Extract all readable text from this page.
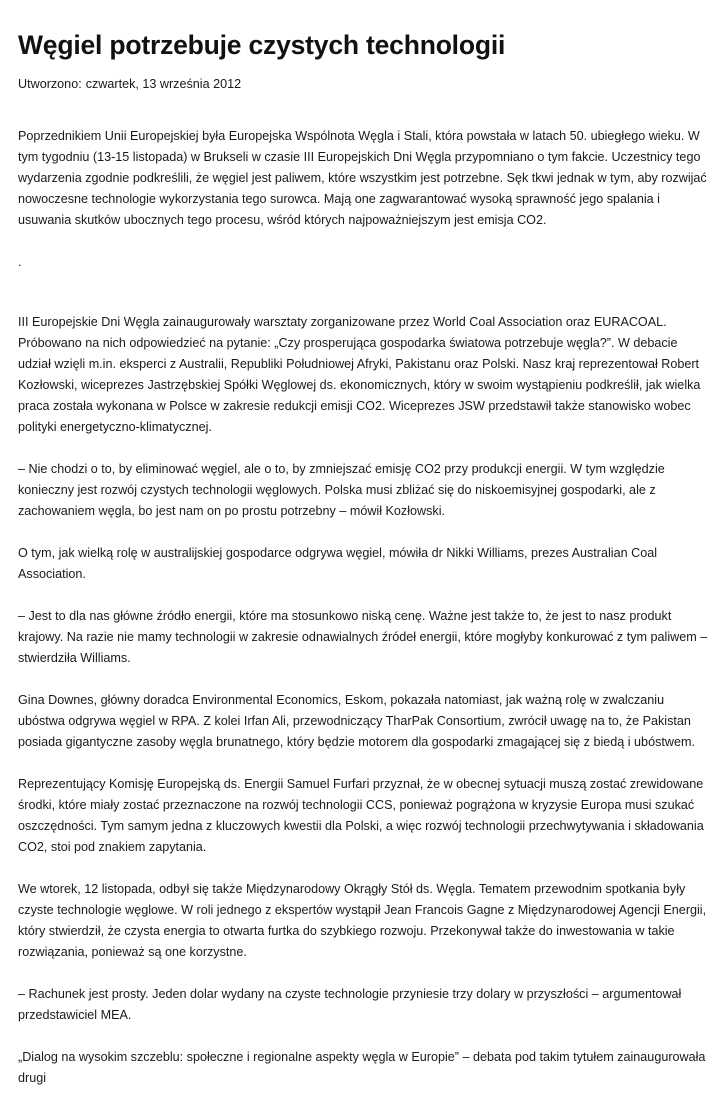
Węgiel potrzebuje czystych technologii
Utworzono: czwartek, 13 września 2012

Poprzednikiem Unii Europejskiej była Europejska Wspólnota Węgla i Stali, która powstała w latach 50. ubiegłego wieku. W tym tygodniu (13-15 listopada) w Brukseli w czasie III Europejskich Dni Węgla przypomniano o tym fakcie. Uczestnicy tego wydarzenia zgodnie podkreślili, że węgiel jest paliwem, które wszystkim jest potrzebne. Sęk tkwi jednak w tym, aby rozwijać nowoczesne technologie wykorzystania tego surowca. Mają one zagwarantować wysoką sprawność jego spalania i usuwania skutków ubocznych tego procesu, wśród których najpoważniejszym jest emisja CO2.

.

III Europejskie Dni Węgla zainaugurowały warsztaty zorganizowane przez World Coal Association oraz EURACOAL. Próbowano na nich odpowiedzieć na pytanie: „Czy prosperująca gospodarka światowa potrzebuje węgla?”. W debacie udział wzięli m.in. eksperci z Australii, Republiki Południowej Afryki, Pakistanu oraz Polski. Nasz kraj reprezentował Robert Kozłowski, wiceprezes Jastrzębskiej Spółki Węglowej ds. ekonomicznych, który w swoim wystąpieniu podkreślił, jak wielka praca została wykonana w Polsce w zakresie redukcji emisji CO2. Wiceprezes JSW przedstawił także stanowisko wobec polityki energetyczno-klimatycznej.

– Nie chodzi o to, by eliminować węgiel, ale o to, by zmniejszać emisję CO2 przy produkcji energii. W tym względzie konieczny jest rozwój czystych technologii węglowych. Polska musi zbliżać się do niskoemisyjnej gospodarki, ale z zachowaniem węgla, bo jest nam on po prostu potrzebny – mówił Kozłowski.

O tym, jak wielką rolę w australijskiej gospodarce odgrywa węgiel, mówiła dr Nikki Williams, prezes Australian Coal Association.

– Jest to dla nas główne źródło energii, które ma stosunkowo niską cenę. Ważne jest także to, że jest to nasz produkt krajowy. Na razie nie mamy technologii w zakresie odnawialnych źródeł energii, które mogłyby konkurować z tym paliwem – stwierdziła Williams.

Gina Downes, główny doradca Environmental Economics, Eskom, pokazała natomiast, jak ważną rolę w zwalczaniu ubóstwa odgrywa węgiel w RPA. Z kolei Irfan Ali, przewodniczący TharPak Consortium, zwrócił uwagę na to, że Pakistan posiada gigantyczne zasoby węgla brunatnego, który będzie motorem dla gospodarki zmagającej się z biedą i ubóstwem.

Reprezentujący Komisję Europejską ds. Energii Samuel Furfari przyznał, że w obecnej sytuacji muszą zostać zrewidowane środki, które miały zostać przeznaczone na rozwój technologii CCS, ponieważ pogrążona w kryzysie Europa musi szukać oszczędności. Tym samym jedna z kluczowych kwestii dla Polski, a więc rozwój technologii przechwytywania i składowania CO2, stoi pod znakiem zapytania.

We wtorek, 12 listopada, odbył się także Międzynarodowy Okrągły Stół ds. Węgla. Tematem przewodnim spotkania były czyste technologie węglowe. W roli jednego z ekspertów wystąpił Jean Francois Gagne z Międzynarodowej Agencji Energii, który stwierdził, że czysta energia to otwarta furtka do szybkiego rozwoju. Przekonywał także do inwestowania w takie rozwiązania, ponieważ są one korzystne.

– Rachunek jest prosty. Jeden dolar wydany na czyste technologie przyniesie trzy dolary w przyszłości – argumentował przedstawiciel MEA.

„Dialog na wysokim szczeblu: społeczne i regionalne aspekty węgla w Europie” – debata pod takim tytułem zainaugurowała drugi
